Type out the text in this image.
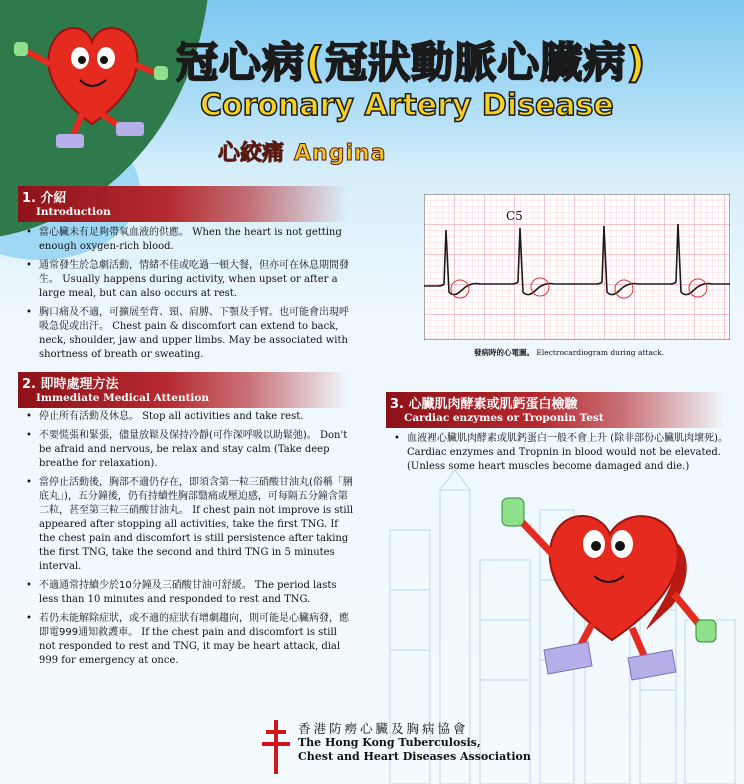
冠心病(冠狀動脈心臟病)
Coronary Artery Disease
心絞痛 Angina
1. 介紹
Introduction
• 當心臟未有足夠帶氧血液的供應。 When the heart is not getting enough oxygen-rich blood.
• 通常發生於急劇活動，情緒不佳或吃過一頓大餐，但亦可在休息期間發生。 Usually happens during activity, when upset or after a large meal, but can also occurs at rest.
• 胸口痛及不適，可擴展至背、頸、肩膊、下顎及手臂。也可能會出現呼吸急促或出汗。 Chest pain & discomfort can extend to back, neck, shoulder, jaw and upper limbs. May be associated with shortness of breath or sweating.
2. 即時處理方法
Immediate Medical Attention
• 停止所有活動及休息。 Stop all activities and take rest.
• 不要慌張和緊張，儘量放鬆及保持冷靜(可作深呼吸以助鬆弛)。 Don't be afraid and nervous, be relax and stay calm (Take deep breathe for relaxation).
• 當停止活動後，胸部不適仍存在，即須含第一粒三硝酸甘油丸(俗稱「脷底丸」)，五分鐘後，仍有持續性胸部翳痛或壓迫感，可每隔五分鐘含第二粒，甚至第三粒三硝酸甘油丸。 If chest pain not improve is still appeared after stopping all activities, take the first TNG. If the chest pain and discomfort is still persistence after taking the first TNG, take the second and third TNG in 5 minutes interval.
• 不適通常持續少於10分鐘及三硝酸甘油可舒緩。 The period lasts less than 10 minutes and responded to rest and TNG.
• 若仍未能解除症狀，或不適的症狀有增劇趨向，則可能是心臟病發，應即電999通知救護車。 If the chest pain and discomfort is still not responded to rest and TNG, it may be heart attack, dial 999 for emergency at once.
C5
發病時的心電圖。 Electrocardiogram during attack.
3. 心臟肌肉酵素或肌鈣蛋白檢驗
Cardiac enzymes or Troponin Test
• 血液裡心臟肌肉酵素或肌鈣蛋白一般不會上升 (除非部份心臟肌肉壞死)。 Cardiac enzymes and Tropnin in blood would not be elevated. (Unless some heart muscles become damaged and die.)
香港防癆心臟及胸病協會
The Hong Kong Tuberculosis,
Chest and Heart Diseases Association
